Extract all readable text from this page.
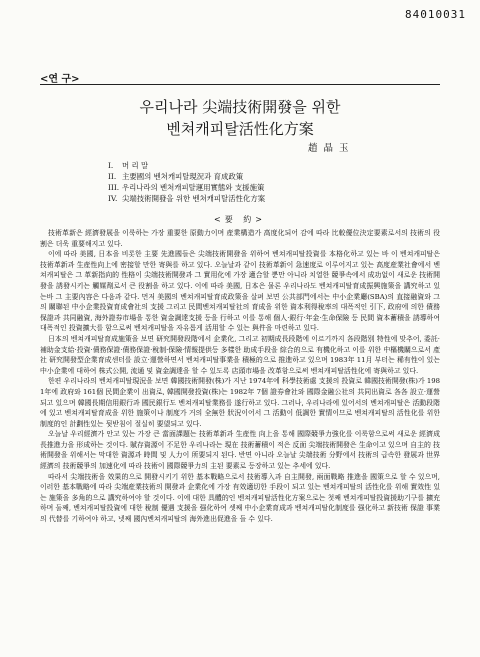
84010031
<연 구>
우리나라 尖端技術開發을 위한
벤쳐캐피탈活性化方案
趙晶玉
I. 머 리 말
II. 主要國의 벤쳐캐피탈現況과 育成政策
III. 우리나라의 벤쳐캐피탈運用實態와 支援施策
IV. 尖端技術開發을 위한 벤쳐캐피탈活性化方案
<要 約>

技術革新은 經濟發展을 이룩하는 가장 重要한 原動力이며 産業構造가 高度化되어 감에 따라 比較優位決定要素로서의 技術의 役割은 더욱 重要해지고 있다.

이에 따라 美國, 日本을 비롯한 主要 先進國들은 尖端技術開發을 위하여 벤쳐캐피탈投資를 本格化하고 있는 바 이 벤쳐캐피탈은 技術革新과 生産性向上에 密接할 만한 寄與를 하고 있다. 오늘날과 같이 技術革新이 急速度로 이루어지고 있는 高度産業社會에서 벤쳐캐피탈은 그 革新指向的 性格이 尖端技術開發과 그 實用化에 가장 適合할 뿐만 아니라 치열한 競爭속에서 成功없이 새로운 技術開發을 誘發시키는 觸媒劑로서 큰 役割을 하고 있다. 이에 따라 美國, 日本은 물론 우리나라도 벤쳐캐피탈育成振興施策을 講究하고 있는바 그 主要內容은 다음과 같다. 먼저 美國의 벤쳐캐피탈育成政策을 살펴 보면 公共部門에서는 中小企業廳(SBA)의 直接融資와 그의 關聯된 中小企業投資育成會社의 支援 그리고 民間벤쳐캐피탈社의 育成을 위한 資本利得稅率의 대폭적인 引下, 政府에 의한 債務保證과 共同融資, 海外證券市場을 통한 資金調達支援 등을 行하고 이를 통해 個人·銀行·年金·生命保險 등 民間 資本蓄積을 誘導하여 대폭적인 投資擴大를 함으로써 벤쳐캐피탈을 자유롭게 活用할 수 있는 與件을 마련하고 있다.

日本의 벤쳐캐피탈育成施策을 보면 研究開發段階에서 企業化, 그리고 初期成長段階에 이르기까지 各段階別 特性에 맞추어, 委託·補助金支給·投資·債務保證·債務保證·稅制·保險·情報提供등 多樣한 助成手段을 綜合的으로 有機化하고 이를 위한 中樞機關으로서 產社 研究開發型企業育成센터를 設立·運營하면서 벤쳐캐피탈事業을 積極的으로 推進하고 있으며 1983年 11月 부터는 稀有性이 있는 中小企業에 대하여 株式公開, 流通 및 資金調達을 할 수 있도록 店頭市場을 改革함으로써 벤쳐캐피탈活性化에 寄與하고 있다.

한편 우리나라의 벤쳐캐피탈現況을 보면 韓國技術開發(株)가 지난 1974年에 科學技術處 支援의 投資로 韓國技術開發(株)가 1981年에 政府와 161個 民間企業이 出資로, 韓國開發投資(株)는 1982年 7個 證券會社와 國際金融公社의 共同出資로 各各 設立·運營되고 있으며 韓國長期信用銀行과 國民銀行도 벤쳐캐피탈業務를 遂行하고 있다. 그러나, 우리나라에 있어서의 벤쳐캐피탈은 活動段階에 있고 벤쳐캐피탈育成을 위한 施策이나 制度가 거의 全無한 狀況이어서 그 活動이 低調한 實情이므로 벤쳐캐피탈의 活性化를 위한 制度的인 計劃性있는 뒷받침이 절실히 要望되고 있다.

오늘날 우리經濟가 안고 있는 가장 큰 當面課題는 技術革新과 生産性 向上을 통해 國際競爭力強化를 이룩함으로써 새로운 經濟成長推進力을 形成하는 것이다. 賦存資源이 不足한 우리나라는 現在 技術蓄積이 적은 反面 尖端技術開發은 生命이고 있으며 自主的 技術開發을 위해서는 막대한 資源과 時間 및 人力이 所要되지 된다. 반면 아니라 오늘날 尖端技術 分野에서 技術의 급속한 發展과 世界經濟의 技術競爭의 加速化에 따라 技術이 國際競爭力의 主된 要素로 등장하고 있는 추세에 있다.

따라서 尖端技術을 效果的으로 開發시키기 위한 基本戰略으로서 技術導入과 自主開發, 兩面戰略 推進을 國策으로 할 수 있으며, 이러한 基本戰略에 따라 尖端産業技術의 開發과 企業化에 가장 有效適切한 手段이 되고 있는 벤쳐캐피탈의 活性化를 위해 實效性 있는 施策을 多角的으로 講究하여야 할 것이다. 이에 대한 具體的인 벤쳐캐피탈活性化方案으로는 첫째 벤쳐캐피탈投資援助기구를 擴充하며 둘째, 벤쳐캐피탈投資에 대한 稅制 優遇 支援을 强化하여 셋째 中小企業育成과 벤쳐캐피탈化制度를 强化하고 新技術 保證 事業의 代替를 기하여야 하고, 넷째 國內벤쳐캐피탈의 海外進出促進을 들 수 있다.
